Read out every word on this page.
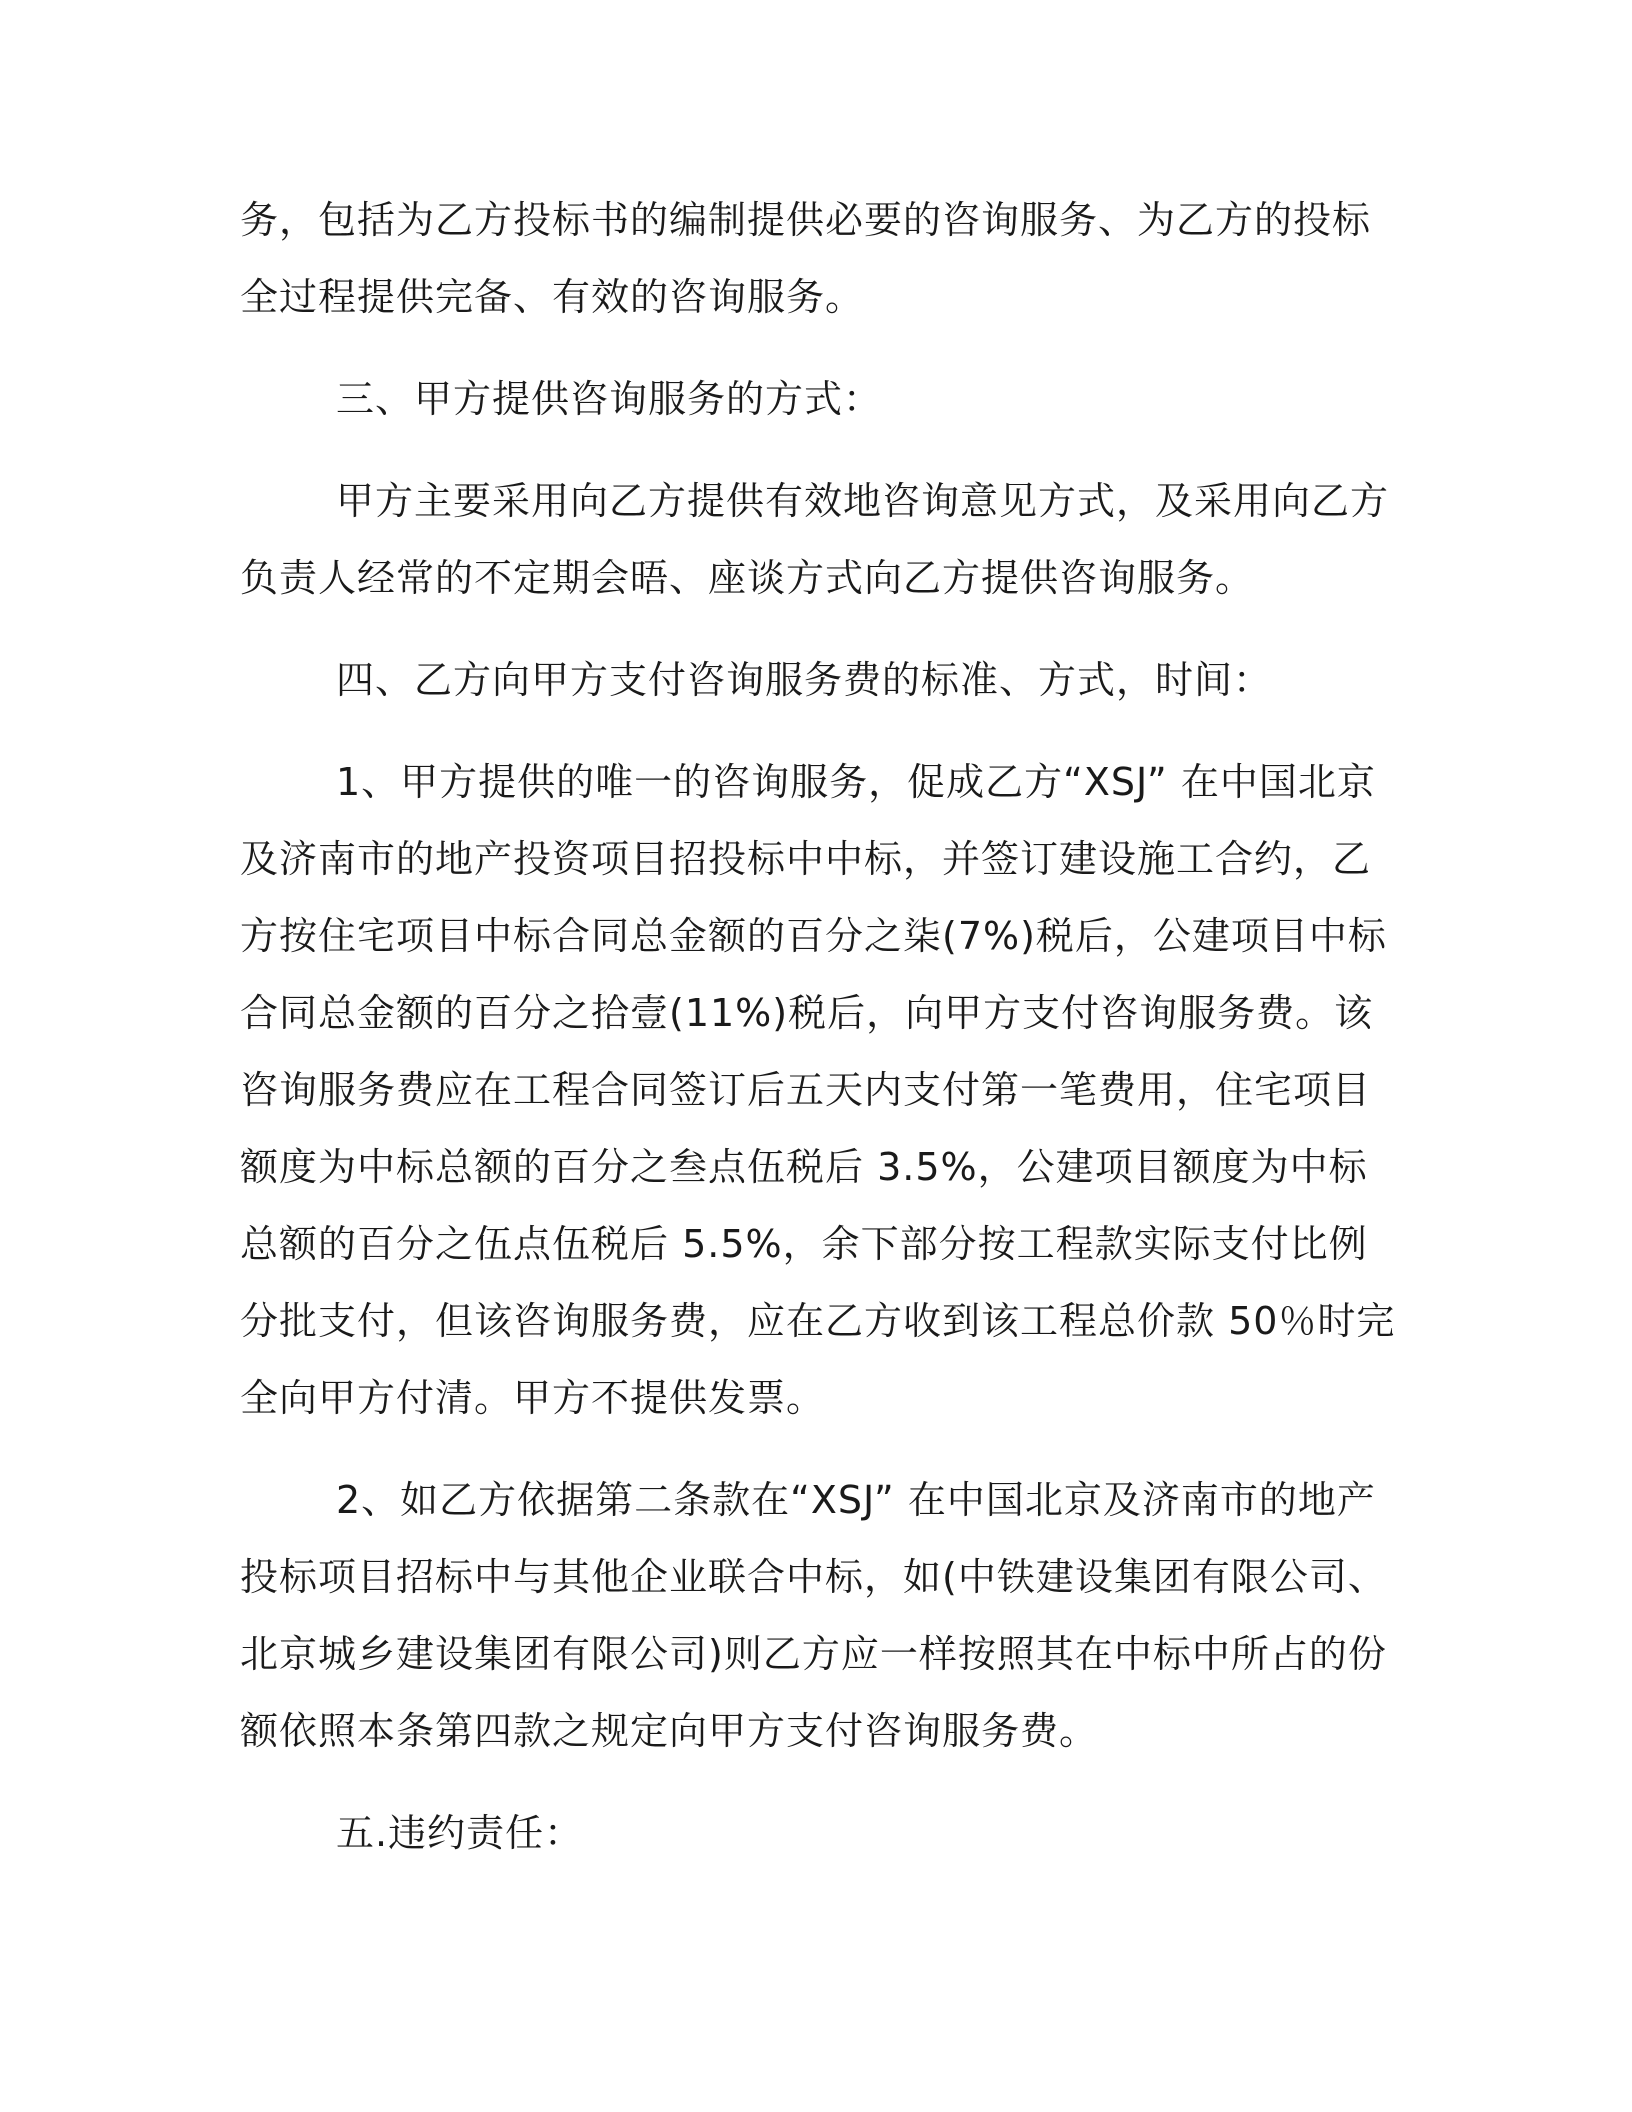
务，包括为乙方投标书的编制提供必要的咨询服务、为乙方的投标全过程提供完备、有效的咨询服务。

三、甲方提供咨询服务的方式：

甲方主要采用向乙方提供有效地咨询意见方式，及采用向乙方负责人经常的不定期会晤、座谈方式向乙方提供咨询服务。

四、乙方向甲方支付咨询服务费的标准、方式，时间：

1、甲方提供的唯一的咨询服务，促成乙方“XSJ” 在中国北京及济南市的地产投资项目招投标中中标，并签订建设施工合约，乙方按住宅项目中标合同总金额的百分之柒(7%)税后，公建项目中标合同总金额的百分之拾壹(11%)税后，向甲方支付咨询服务费。该咨询服务费应在工程合同签订后五天内支付第一笔费用，住宅项目额度为中标总额的百分之叁点伍税后 3.5%，公建项目额度为中标总额的百分之伍点伍税后 5.5%，余下部分按工程款实际支付比例分批支付，但该咨询服务费，应在乙方收到该工程总价款 50％时完全向甲方付清。甲方不提供发票。

2、如乙方依据第二条款在“XSJ” 在中国北京及济南市的地产投标项目招标中与其他企业联合中标，如(中铁建设集团有限公司、北京城乡建设集团有限公司)则乙方应一样按照其在中标中所占的份额依照本条第四款之规定向甲方支付咨询服务费。

五.违约责任：
